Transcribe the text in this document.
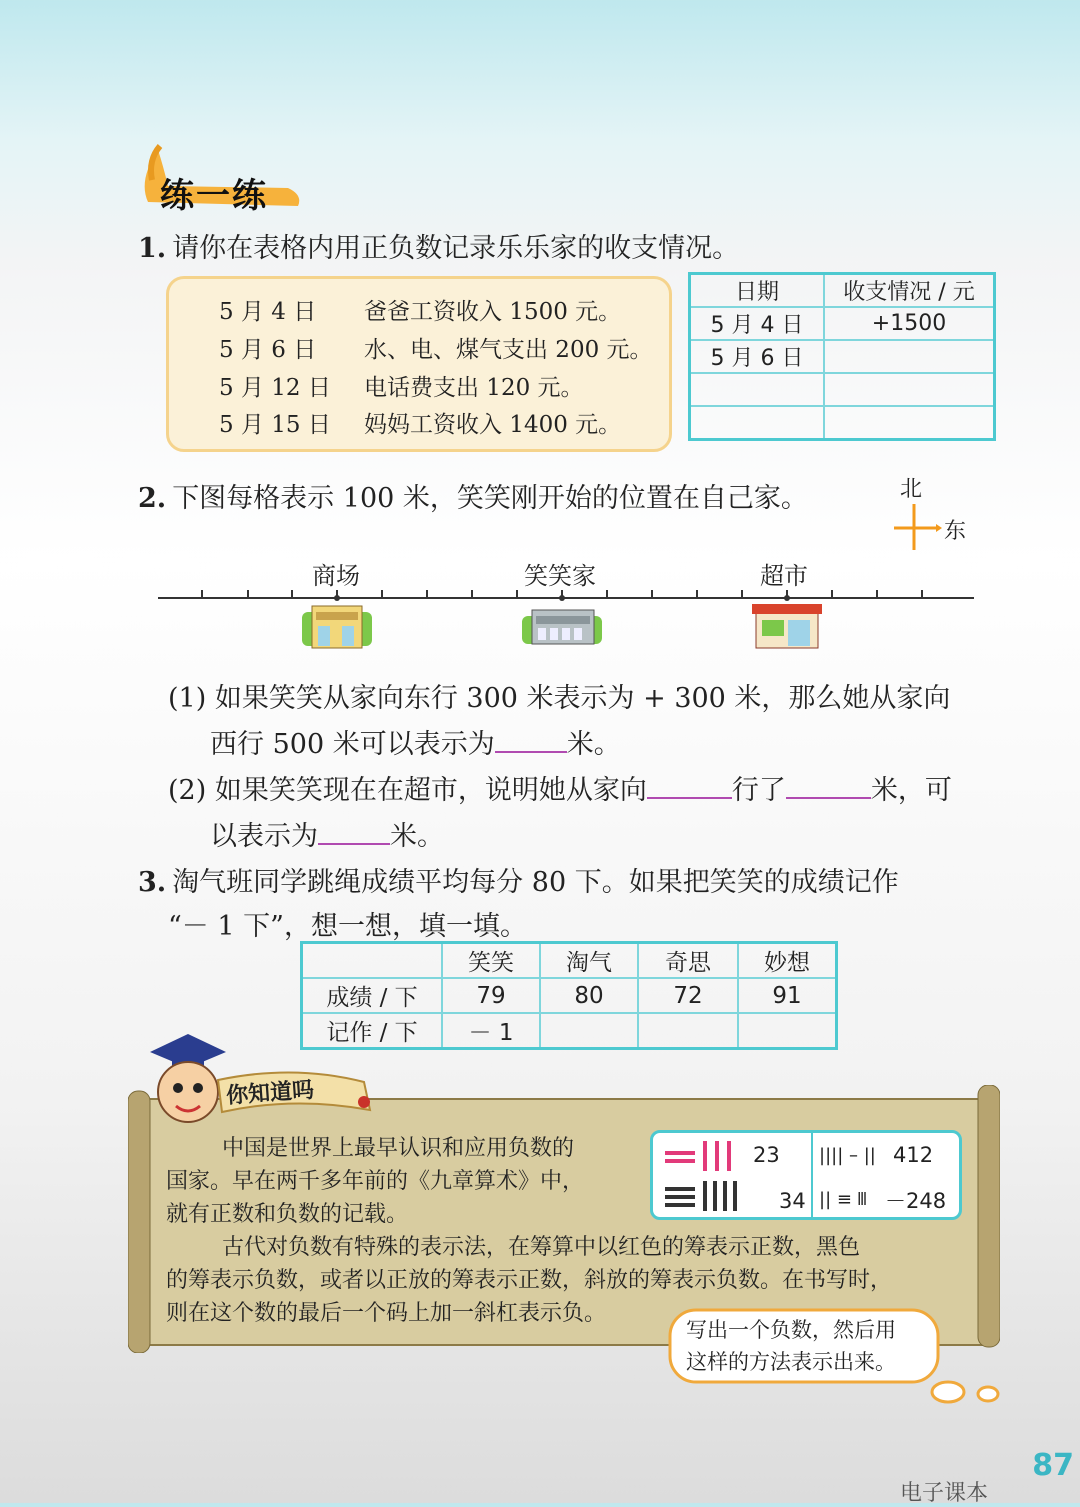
练一练
1. 请你在表格内用正负数记录乐乐家的收支情况。
5 月 4 日 爸爸工资收入 1500 元。
5 月 6 日 水、电、煤气支出 200 元。
5 月 12 日 电话费支出 120 元。
5 月 15 日 妈妈工资收入 1400 元。
日期	收支情况 / 元
5 月 4 日	+1500
5 月 6 日	

2. 下图每格表示 100 米，笑笑刚开始的位置在自己家。	北
东
商场	笑笑家	超市
(1) 如果笑笑从家向东行 300 米表示为 + 300 米，那么她从家向
西行 500 米可以表示为	米。
(2) 如果笑笑现在在超市，说明她从家向	行了	米，可
以表示为	米。
3. 淘气班同学跳绳成绩平均每分 80 下。如果把笑笑的成绩记作
“－ 1 下”，想一想，填一填。
	笑笑	淘气	奇思	妙想
成绩 / 下	79	80	72	91
记作 / 下	－ 1			
你知道吗
中国是世界上最早认识和应用负数的
国家。早在两千多年前的《九章算术》中，
就有正数和负数的记载。
古代对负数有特殊的表示法，在筹算中以红色的筹表示正数，黑色
的筹表示负数，或者以正放的筹表示正数，斜放的筹表示负数。在书写时，
则在这个数的最后一个码上加一斜杠表示负。
23
34
|||| – || 412
|| ≡ 𝍫 －248
写出一个负数，然后用
这样的方法表示出来。
87
电子课本
